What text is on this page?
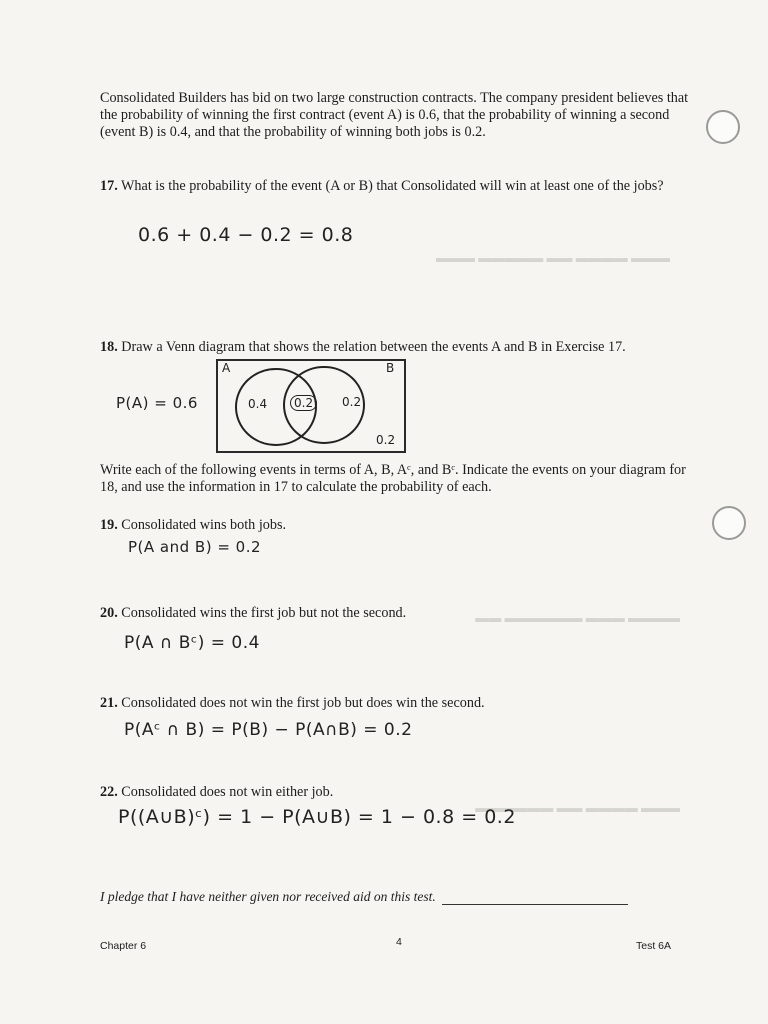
▬▬▬ ▬▬▬▬ ▬▬ ▬▬▬▬▬ ▬▬▬
▬▬▬▬ ▬▬▬ ▬▬▬▬▬▬ ▬▬
▬▬▬ ▬▬▬▬ ▬▬ ▬▬▬▬▬▬
Consolidated Builders has bid on two large construction contracts. The company president believes that the probability of winning the first contract (event A) is 0.6, that the probability of winning a second (event B) is 0.4, and that the probability of winning both jobs is 0.2.
17. What is the probability of the event (A or B) that Consolidated will win at least one of the jobs?
0.6 + 0.4 − 0.2 = 0.8
18. Draw a Venn diagram that shows the relation between the events A and B in Exercise 17.
P(A) = 0.6
A	B
0.4	0.2	0.2
0.2
Write each of the following events in terms of A, B, Aᶜ, and Bᶜ. Indicate the events on your diagram for 18, and use the information in 17 to calculate the probability of each.
19. Consolidated wins both jobs.
P(A and B) = 0.2
20. Consolidated wins the first job but not the second.
P(A ∩ Bᶜ) = 0.4
21. Consolidated does not win the first job but does win the second.
P(Aᶜ ∩ B) = P(B) − P(A∩B) = 0.2
22. Consolidated does not win either job.
P((A∪B)ᶜ) = 1 − P(A∪B) = 1 − 0.8 = 0.2
I pledge that I have neither given nor received aid on this test.
Chapter 6	4	Test 6A
